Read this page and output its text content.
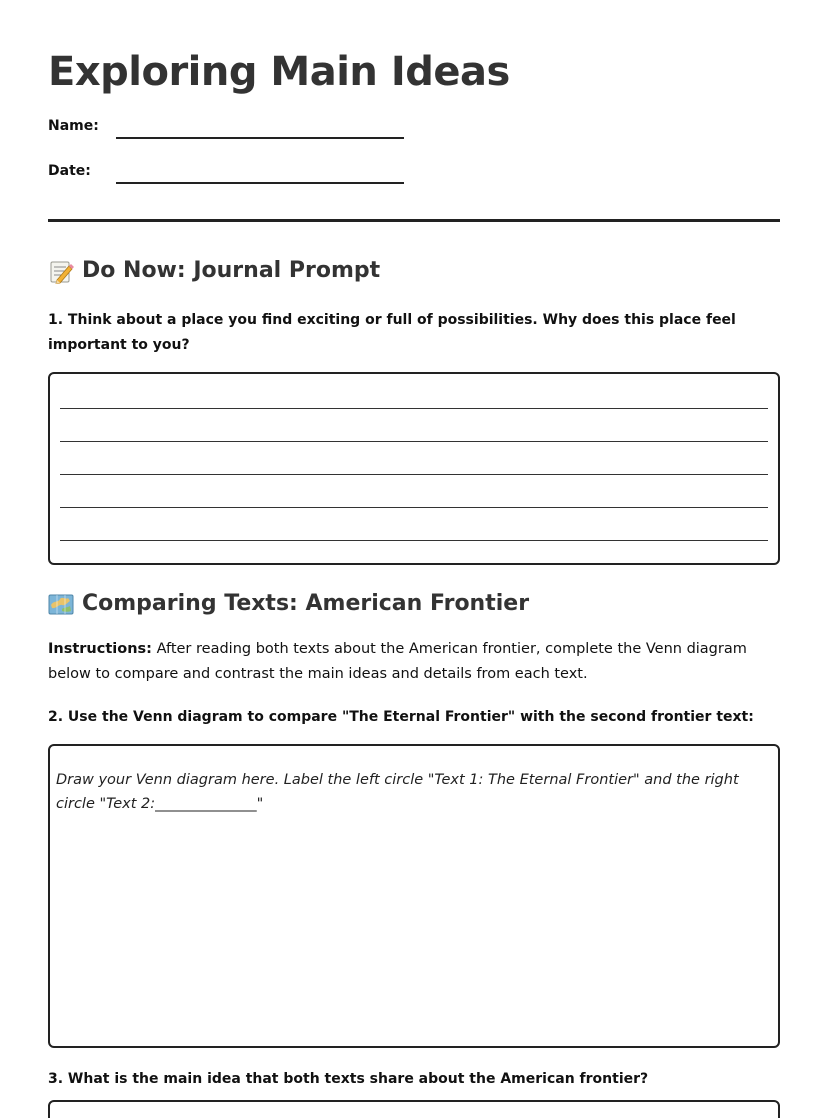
Exploring Main Ideas
Name:
Date:
Do Now: Journal Prompt

1. Think about a place you find exciting or full of possibilities. Why does this place feel important to you?

Comparing Texts: American Frontier

Instructions: After reading both texts about the American frontier, complete the Venn diagram below to compare and contrast the main ideas and details from each text.

2. Use the Venn diagram to compare "The Eternal Frontier" with the second frontier text:

Draw your Venn diagram here. Label the left circle "Text 1: The Eternal Frontier" and the right circle "Text 2:______________"

3. What is the main idea that both texts share about the American frontier?
